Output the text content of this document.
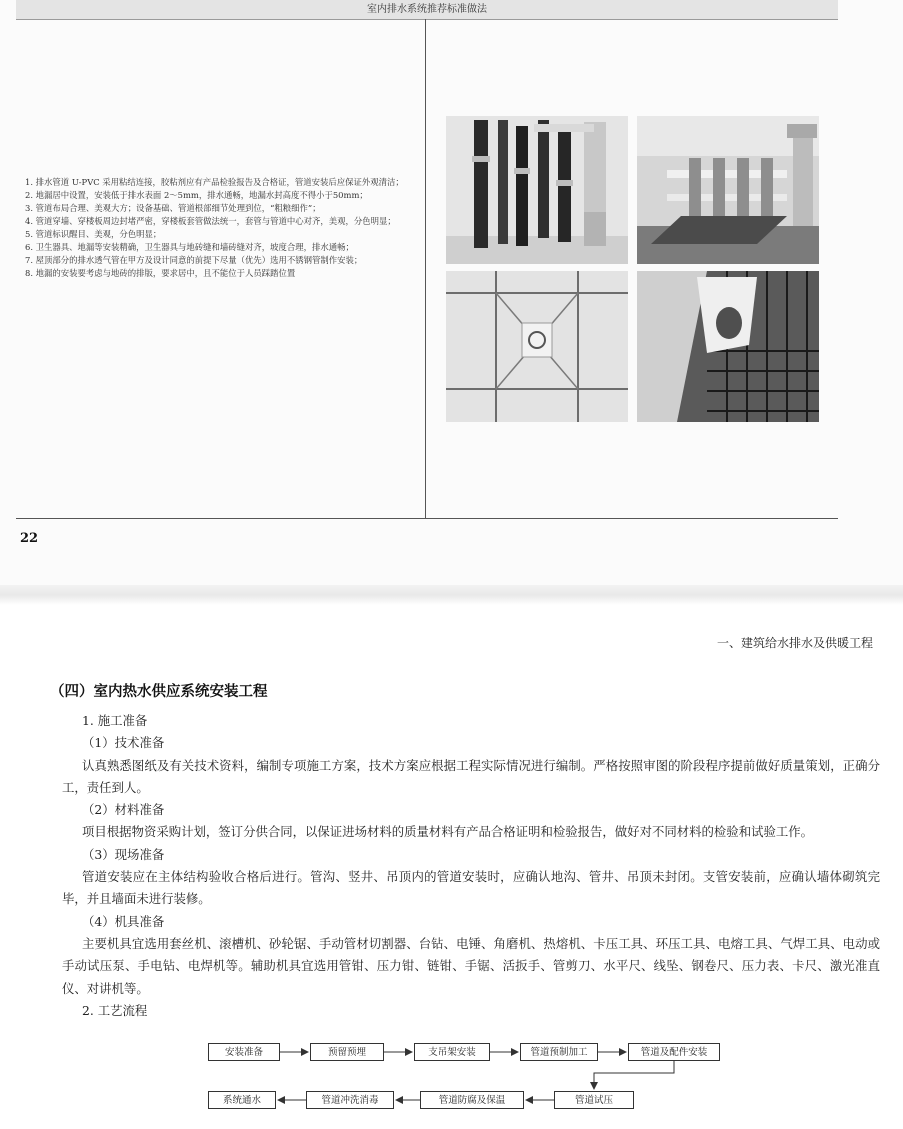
室内排水系统推荐标准做法

1. 排水管道 U-PVC 采用粘结连接，胶粘剂应有产品检验报告及合格证，管道安装后应保证外观清洁；

2. 地漏居中设置，安装低于排水表面 2～5mm，排水通畅，地漏水封高度不得小于50mm；

3. 管道布局合理、美观大方；设备基础、管道根部细节处理到位，“粗粮细作”；

4. 管道穿墙、穿楼板周边封堵严密，穿楼板套管做法统一，套管与管道中心对齐，美观，分色明显；

5. 管道标识醒目、美观，分色明显；

6. 卫生器具、地漏等安装精确，卫生器具与地砖缝和墙砖缝对齐，坡度合理，排水通畅；

7. 屋顶部分的排水透气管在甲方及设计同意的前提下尽量（优先）选用不锈钢管制作安装；

8. 地漏的安装要考虑与地砖的排版，要求居中，且不能位于人员踩踏位置

22
一、建筑给水排水及供暖工程
（四）室内热水供应系统安装工程

1. 施工准备

（1）技术准备

认真熟悉图纸及有关技术资料，编制专项施工方案，技术方案应根据工程实际情况进行编制。严格按照审图的阶段程序提前做好质量策划，正确分工，责任到人。

（2）材料准备

项目根据物资采购计划，签订分供合同，以保证进场材料的质量材料有产品合格证明和检验报告，做好对不同材料的检验和试验工作。

（3）现场准备

管道安装应在主体结构验收合格后进行。管沟、竖井、吊顶内的管道安装时，应确认地沟、管井、吊顶未封闭。支管安装前，应确认墙体砌筑完毕，并且墙面未进行装修。

（4）机具准备

主要机具宜选用套丝机、滚槽机、砂轮锯、手动管材切割器、台钻、电锤、角磨机、热熔机、卡压工具、环压工具、电熔工具、气焊工具、电动或手动试压泵、手电钻、电焊机等。辅助机具宜选用管钳、压力钳、链钳、手锯、活扳手、管剪刀、水平尺、线坠、钢卷尺、压力表、卡尺、激光准直仪、对讲机等。

2. 工艺流程

安装准备	预留预埋	支吊架安装	管道预制加工	管道及配件安装
管道试压
管道防腐及保温
管道冲洗消毒
系统通水
